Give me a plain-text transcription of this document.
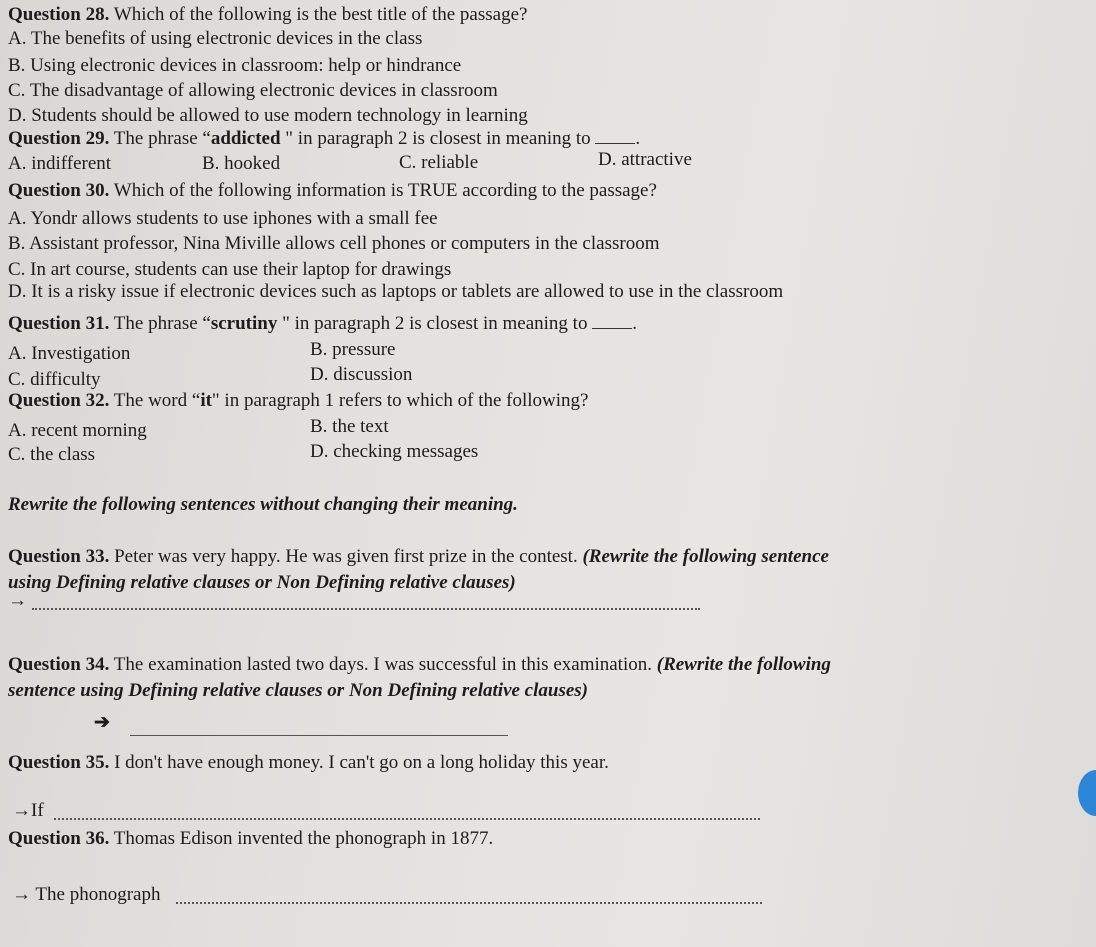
Question 28. Which of the following is the best title of the passage?
A. The benefits of using electronic devices in the class
B. Using electronic devices in classroom: help or hindrance
C. The disadvantage of allowing electronic devices in classroom
D. Students should be allowed to use modern technology in learning
Question 29. The phrase “addicted " in paragraph 2 is closest in meaning to .
A. indifferent	B. hooked	C. reliable	D. attractive
Question 30. Which of the following information is TRUE according to the passage?
A. Yondr allows students to use iphones with a small fee
B. Assistant professor, Nina Miville allows cell phones or computers in the classroom
C. In art course, students can use their laptop for drawings
D. It is a risky issue if electronic devices such as laptops or tablets are allowed to use in the classroom
Question 31. The phrase “scrutiny " in paragraph 2 is closest in meaning to .
A. Investigation	B. pressure
C. difficulty	D. discussion
Question 32. The word “it" in paragraph 1 refers to which of the following?
A. recent morning	B. the text
C. the class	D. checking messages
Rewrite the following sentences without changing their meaning.
Question 33. Peter was very happy. He was given first prize in the contest. (Rewrite the following sentence
using Defining relative clauses or Non Defining relative clauses)
→
Question 34. The examination lasted two days. I was successful in this examination. (Rewrite the following
sentence using Defining relative clauses or Non Defining relative clauses)
➔
Question 35. I don't have enough money. I can't go on a long holiday this year.
→If
Question 36. Thomas Edison invented the phonograph in 1877.
→ The phonograph
